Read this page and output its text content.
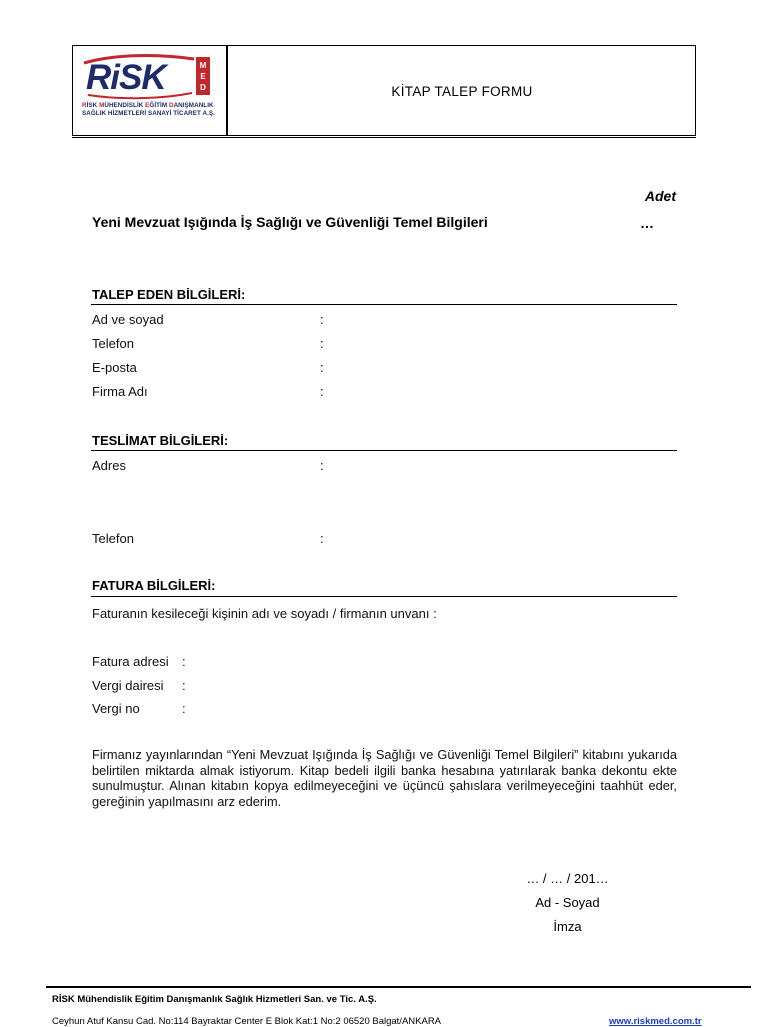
RiSK	M
E
D
RİSK MÜHENDİSLİK EĞİTİM DANIŞMANLIK
SAĞLIK HİZMETLERİ SANAYİ TİCARET A.Ş.
KİTAP TALEP FORMU
Adet
Yeni Mevzuat Işığında İş Sağlığı ve Güvenliği Temel Bilgileri	…
TALEP EDEN BİLGİLERİ:
Ad ve soyad	:
Telefon	:
E-posta	:
Firma Adı	:
TESLİMAT BİLGİLERİ:
Adres	:
Telefon	:
FATURA BİLGİLERİ:
Faturanın kesileceği kişinin adı ve soyadı / firmanın unvanı :
Fatura adresi :
Vergi dairesi :
Vergi no	:
Firmanız yayınlarından “Yeni Mevzuat Işığında İş Sağlığı ve Güvenliği Temel Bilgileri” kitabını yukarıda belirtilen miktarda almak istiyorum. Kitap bedeli ilgili banka hesabına yatırılarak banka dekontu ekte sunulmuştur. Alınan kitabın kopya edilmeyeceğini ve üçüncü şahıslara verilmeyeceğini taahhüt eder, gereğinin yapılmasını arz ederim.
… / … / 201…
Ad - Soyad
İmza
RİSK Mühendislik Eğitim Danışmanlık Sağlık Hizmetleri San. ve Tic. A.Ş.
Ceyhun Atuf Kansu Cad. No:114 Bayraktar Center E Blok Kat:1 No:2 06520 Balgat/ANKARA	www.riskmed.com.tr
